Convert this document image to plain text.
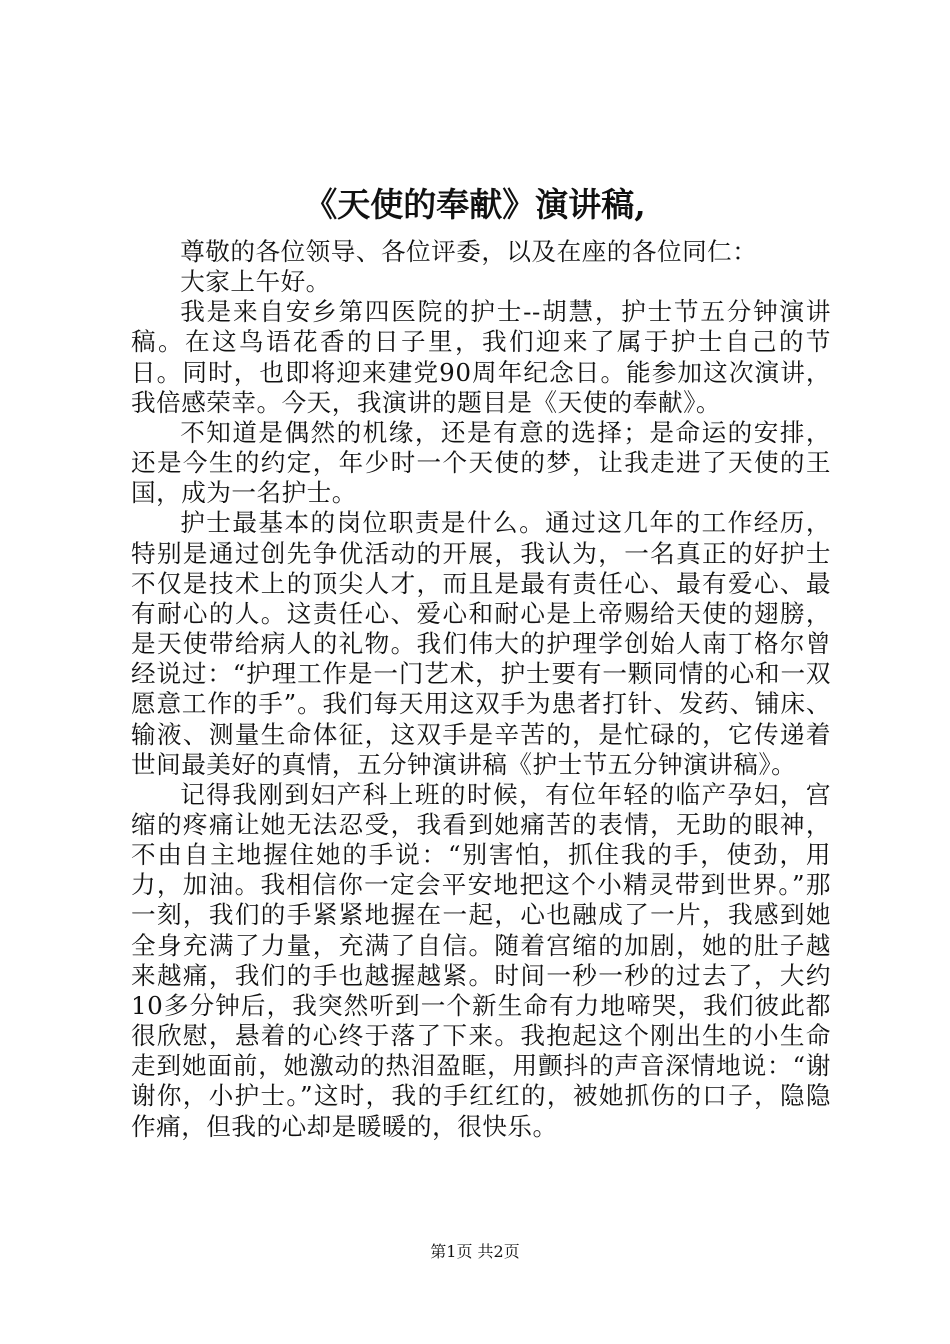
《天使的奉献》演讲稿,

尊敬的各位领导、各位评委，以及在座的各位同仁：

大家上午好。

我是来自安乡第四医院的护士--胡慧，护士节五分钟演讲稿。在这鸟语花香的日子里，我们迎来了属于护士自己的节日。同时，也即将迎来建党90周年纪念日。能参加这次演讲，我倍感荣幸。今天，我演讲的题目是《天使的奉献》。

不知道是偶然的机缘，还是有意的选择；是命运的安排，还是今生的约定，年少时一个天使的梦，让我走进了天使的王国，成为一名护士。

护士最基本的岗位职责是什么。通过这几年的工作经历，特别是通过创先争优活动的开展，我认为，一名真正的好护士不仅是技术上的顶尖人才，而且是最有责任心、最有爱心、最有耐心的人。这责任心、爱心和耐心是上帝赐给天使的翅膀，是天使带给病人的礼物。我们伟大的护理学创始人南丁格尔曾经说过：“护理工作是一门艺术，护士要有一颗同情的心和一双愿意工作的手”。我们每天用这双手为患者打针、发药、铺床、输液、测量生命体征，这双手是辛苦的，是忙碌的，它传递着世间最美好的真情，五分钟演讲稿《护士节五分钟演讲稿》。

记得我刚到妇产科上班的时候，有位年轻的临产孕妇，宫缩的疼痛让她无法忍受，我看到她痛苦的表情，无助的眼神，不由自主地握住她的手说：“别害怕，抓住我的手，使劲，用力，加油。我相信你一定会平安地把这个小精灵带到世界。”那一刻，我们的手紧紧地握在一起，心也融成了一片，我感到她全身充满了力量，充满了自信。随着宫缩的加剧，她的肚子越来越痛，我们的手也越握越紧。时间一秒一秒的过去了，大约10多分钟后，我突然听到一个新生命有力地啼哭，我们彼此都很欣慰，悬着的心终于落了下来。我抱起这个刚出生的小生命走到她面前，她激动的热泪盈眶，用颤抖的声音深情地说：“谢谢你，小护士。”这时，我的手红红的，被她抓伤的口子，隐隐作痛，但我的心却是暖暖的，很快乐。

第1页 共2页
